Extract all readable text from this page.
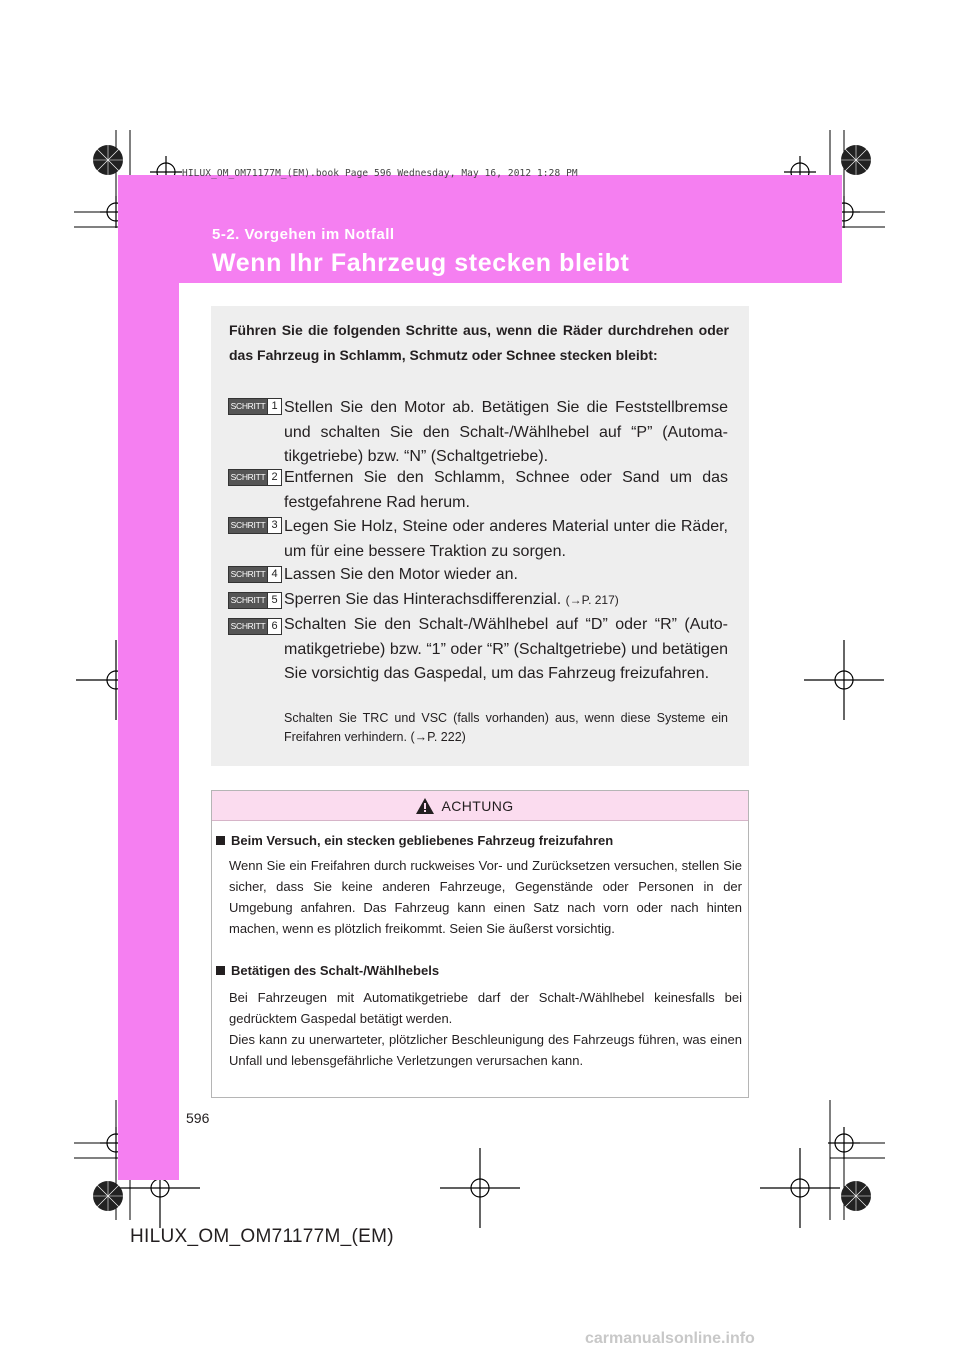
HILUX_OM_OM71177M_(EM).book Page 596 Wednesday, May 16, 2012 1:28 PM

5-2. Vorgehen im Notfall

Wenn Ihr Fahrzeug stecken bleibt

Führen Sie die folgenden Schritte aus, wenn die Räder durchdrehen oder das Fahrzeug in Schlamm, Schmutz oder Schnee stecken bleibt:

SCHRITT 1 Stellen Sie den Motor ab. Betätigen Sie die Feststellbremse und schalten Sie den Schalt-/Wählhebel auf “P” (Automatikgetriebe) bzw. “N” (Schaltgetriebe).

SCHRITT 2 Entfernen Sie den Schlamm, Schnee oder Sand um das festgefahrene Rad herum.

SCHRITT 3 Legen Sie Holz, Steine oder anderes Material unter die Räder, um für eine bessere Traktion zu sorgen.

SCHRITT 4 Lassen Sie den Motor wieder an.

SCHRITT 5 Sperren Sie das Hinterachsdifferenzial. (→P. 217)

SCHRITT 6 Schalten Sie den Schalt-/Wählhebel auf “D” oder “R” (Automatikgetriebe) bzw. “1” oder “R” (Schaltgetriebe) und betätigen Sie vorsichtig das Gaspedal, um das Fahrzeug freizufahren.

Schalten Sie TRC und VSC (falls vorhanden) aus, wenn diese Systeme ein Freifahren verhindern. (→P. 222)

ACHTUNG

Beim Versuch, ein stecken gebliebenes Fahrzeug freizufahren

Wenn Sie ein Freifahren durch ruckweises Vor- und Zurücksetzen versuchen, stellen Sie sicher, dass Sie keine anderen Fahrzeuge, Gegenstände oder Personen in der Umgebung anfahren. Das Fahrzeug kann einen Satz nach vorn oder nach hinten machen, wenn es plötzlich freikommt. Seien Sie äußerst vorsichtig.

Betätigen des Schalt-/Wählhebels

Bei Fahrzeugen mit Automatikgetriebe darf der Schalt-/Wählhebel keinesfalls bei gedrücktem Gaspedal betätigt werden.

Dies kann zu unerwarteter, plötzlicher Beschleunigung des Fahrzeugs führen, was einen Unfall und lebensgefährliche Verletzungen verursachen kann.

596
HILUX_OM_OM71177M_(EM)
carmanualsonline.info
